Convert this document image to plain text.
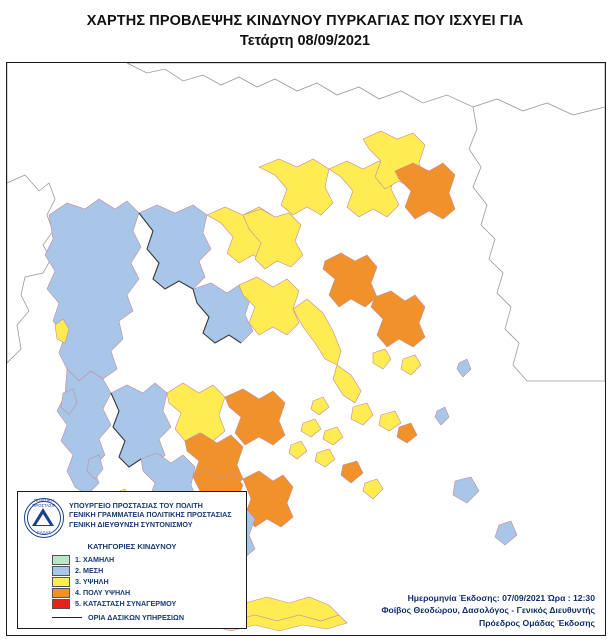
ΧΑΡΤΗΣ ΠΡΟΒΛΕΨΗΣ ΚΙΝΔΥΝΟΥ ΠΥΡΚΑΓΙΑΣ ΠΟΥ ΙΣΧΥΕΙ ΓΙΑ
Τετάρτη 08/09/2021
ΠΟΛΙΤΙΚΗ ΠΡΟΣΤΑΣΙΑ
ΕΛΛΑΣ
ΥΠΟΥΡΓΕΙΟ ΠΡΟΣΤΑΣΙΑΣ ΤΟΥ ΠΟΛΙΤΗ
ΓΕΝΙΚΗ ΓΡΑΜΜΑΤΕΙΑ ΠΟΛΙΤΙΚΗΣ ΠΡΟΣΤΑΣΙΑΣ
ΓΕΝΙΚΗ ΔΙΕΥΘΥΝΣΗ ΣΥΝΤΟΝΙΣΜΟΥ
ΚΑΤΗΓΟΡΙΕΣ ΚΙΝΔΥΝΟΥ
1. ΧΑΜΗΛΗ
2. ΜΕΣΗ
3. ΥΨΗΛΗ
4. ΠΟΛΥ ΥΨΗΛΗ
5. ΚΑΤΑΣΤΑΣΗ ΣΥΝΑΓΕΡΜΟΥ
ΟΡΙΑ ΔΑΣΙΚΩΝ ΥΠΗΡΕΣΙΩΝ
Ημερομηνία Έκδοσης: 07/09/2021 Ώρα : 12:30
Φοίβος Θεοδώρου, Δασολόγος - Γενικός Διευθυντής
Πρόεδρος Ομάδας Έκδοσης
